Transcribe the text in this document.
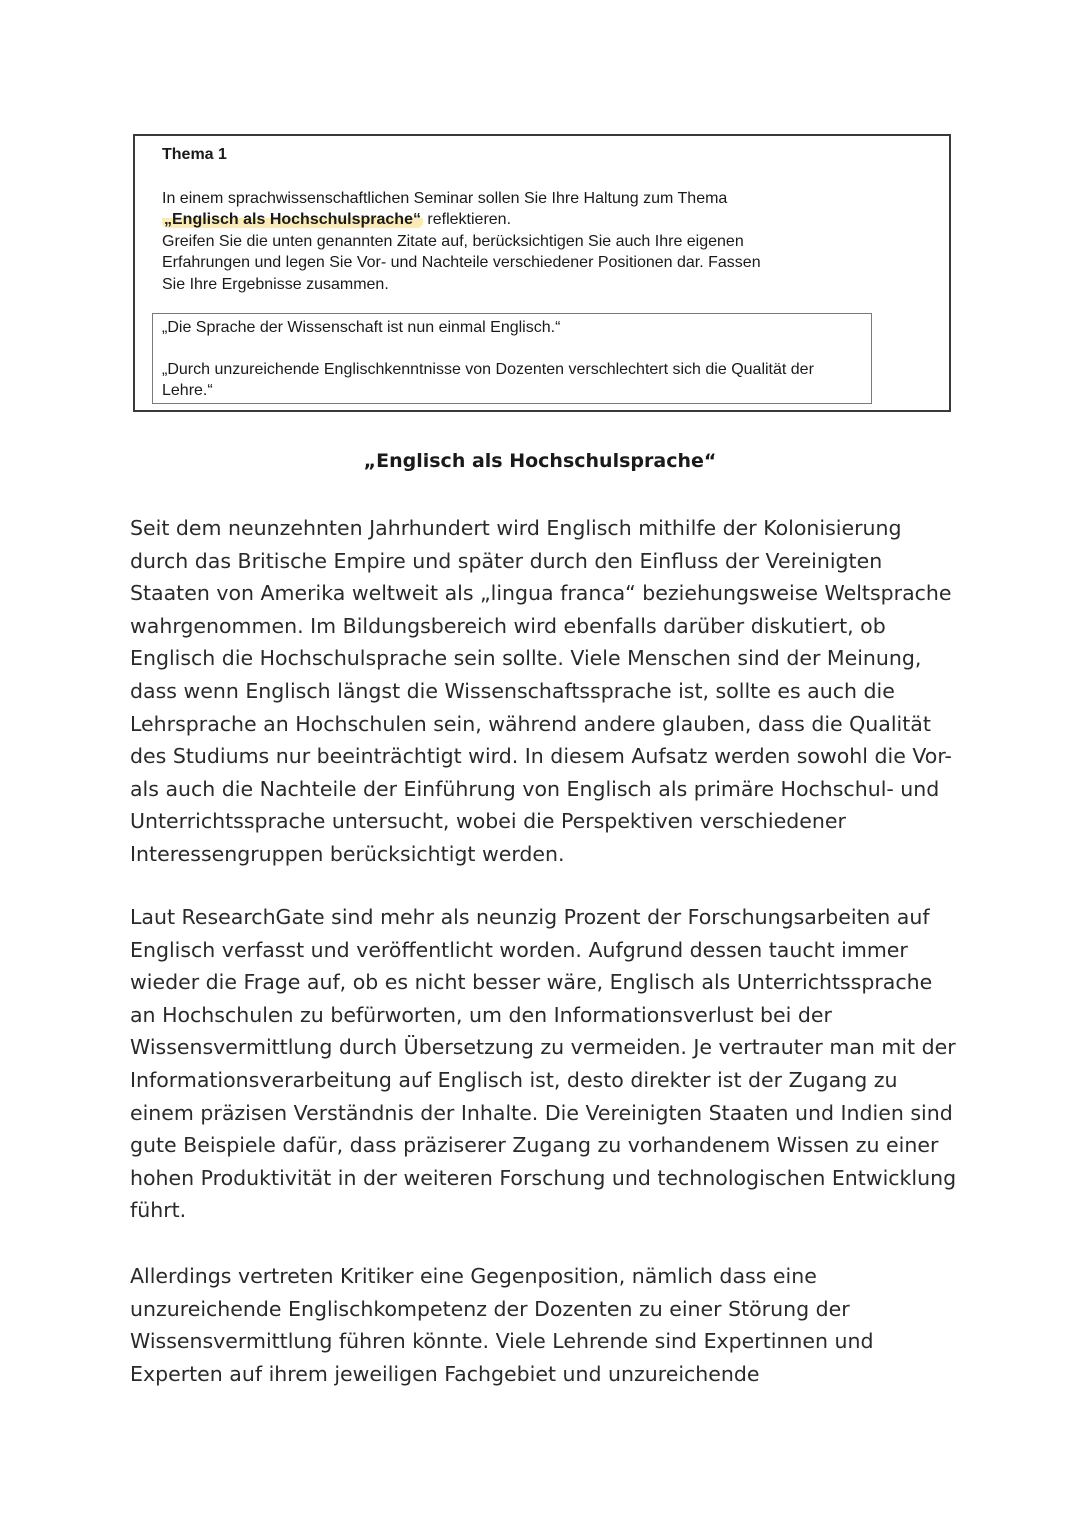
Thema 1

In einem sprachwissenschaftlichen Seminar sollen Sie Ihre Haltung zum Thema
„Englisch als Hochschulsprache“ reflektieren.
Greifen Sie die unten genannten Zitate auf, berücksichtigen Sie auch Ihre eigenen
Erfahrungen und legen Sie Vor- und Nachteile verschiedener Positionen dar. Fassen
Sie Ihre Ergebnisse zusammen.

„Die Sprache der Wissenschaft ist nun einmal Englisch.“

„Durch unzureichende Englischkenntnisse von Dozenten verschlechtert sich die Qualität der Lehre.“

„Englisch als Hochschulsprache“

Seit dem neunzehnten Jahrhundert wird Englisch mithilfe der Kolonisierung durch das Britische Empire und später durch den Einfluss der Vereinigten Staaten von Amerika weltweit als „lingua franca“ beziehungsweise Weltsprache wahrgenommen. Im Bildungsbereich wird ebenfalls darüber diskutiert, ob Englisch die Hochschulsprache sein sollte. Viele Menschen sind der Meinung, dass wenn Englisch längst die Wissenschaftssprache ist, sollte es auch die Lehrsprache an Hochschulen sein, während andere glauben, dass die Qualität des Studiums nur beeinträchtigt wird. In diesem Aufsatz werden sowohl die Vor- als auch die Nachteile der Einführung von Englisch als primäre Hochschul- und Unterrichtssprache untersucht, wobei die Perspektiven verschiedener Interessengruppen berücksichtigt werden.

Laut ResearchGate sind mehr als neunzig Prozent der Forschungsarbeiten auf Englisch verfasst und veröffentlicht worden. Aufgrund dessen taucht immer wieder die Frage auf, ob es nicht besser wäre, Englisch als Unterrichtssprache an Hochschulen zu befürworten, um den Informationsverlust bei der Wissensvermittlung durch Übersetzung zu vermeiden. Je vertrauter man mit der Informationsverarbeitung auf Englisch ist, desto direkter ist der Zugang zu einem präzisen Verständnis der Inhalte. Die Vereinigten Staaten und Indien sind gute Beispiele dafür, dass präziserer Zugang zu vorhandenem Wissen zu einer hohen Produktivität in der weiteren Forschung und technologischen Entwicklung führt.

Allerdings vertreten Kritiker eine Gegenposition, nämlich dass eine unzureichende Englischkompetenz der Dozenten zu einer Störung der Wissensvermittlung führen könnte. Viele Lehrende sind Expertinnen und Experten auf ihrem jeweiligen Fachgebiet und unzureichende
